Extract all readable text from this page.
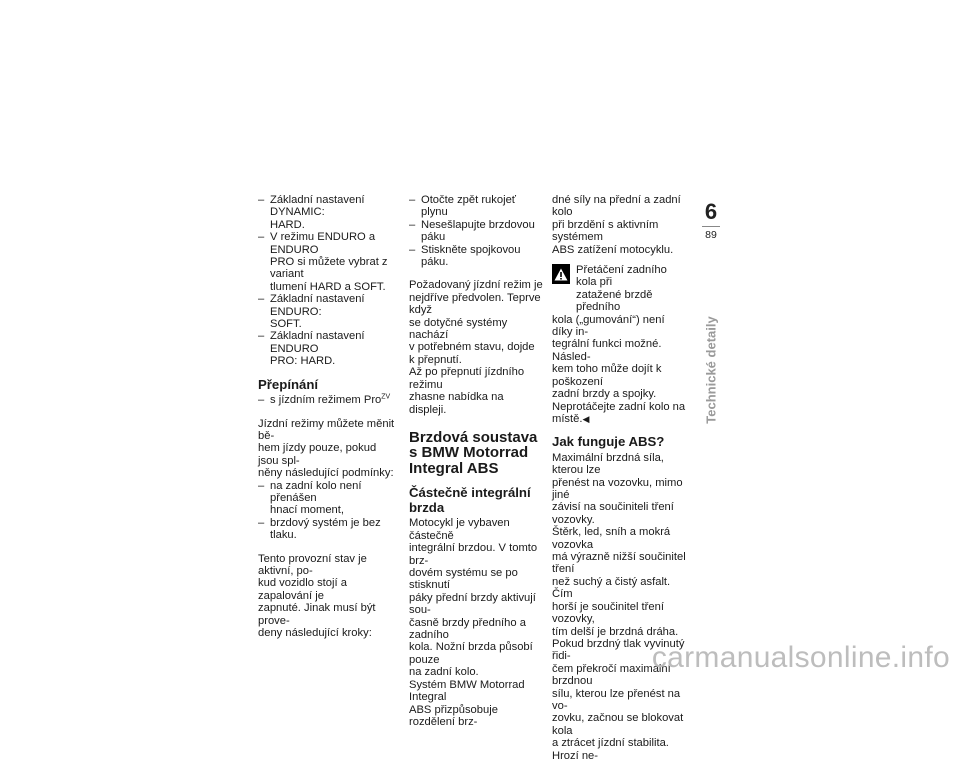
– Základní nastavení DYNAMIC:
HARD.
– V režimu ENDURO a ENDURO
PRO si můžete vybrat z variant
tlumení HARD a SOFT.
– Základní nastavení ENDURO:
SOFT.
– Základní nastavení ENDURO
PRO: HARD.
Přepínání
– s jízdním režimem Pro$^{ZV}$

Jízdní režimy můžete měnit bě-
hem jízdy pouze, pokud jsou spl-
něny následující podmínky:

– na zadní kolo není přenášen
hnací moment,
– brzdový systém je bez tlaku.

Tento provozní stav je aktivní, po-
kud vozidlo stojí a zapalování je
zapnuté. Jinak musí být prove-
deny následující kroky:

– Otočte zpět rukojeť plynu
– Nesešlapujte brzdovou páku
– Stiskněte spojkovou páku.

Požadovaný jízdní režim je
nejdříve předvolen. Teprve když
se dotyčné systémy nachází
v potřebném stavu, dojde
k přepnutí.
Až po přepnutí jízdního režimu
zhasne nabídka na displeji.

Brzdová soustava
s BMW Motorrad
Integral ABS
Částečně integrální brzda

Motocykl je vybaven částečně
integrální brzdou. V tomto brz-
dovém systému se po stisknutí
páky přední brzdy aktivují sou-
časně brzdy předního a zadního
kola. Nožní brzda působí pouze
na zadní kolo.
Systém BMW Motorrad Integral
ABS přizpůsobuje rozdělení brz-

dné síly na přední a zadní kolo
při brzdění s aktivním systémem
ABS zatížení motocyklu.

Přetáčení zadního kola při
zatažené brzdě předního

kola („gumování“) není díky in-
tegrální funkci možné. Násled-
kem toho může dojít k poškození
zadní brzdy a spojky.
Neprotáčejte zadní kolo na
místě.◀

Jak funguje ABS?

Maximální brzdná síla, kterou lze
přenést na vozovku, mimo jiné
závisí na součiniteli tření vozovky.
Štěrk, led, sníh a mokrá vozovka
má výrazně nižší součinitel tření
než suchý a čistý asfalt. Čím
horší je součinitel tření vozovky,
tím delší je brzdná dráha.
Pokud brzdný tlak vyvinutý řidi-
čem překročí maximální brzdnou
sílu, kterou lze přenést na vo-
zovku, začnou se blokovat kola
a ztrácet jízdní stabilita. Hrozí ne-

6
89
Technické detaily
carmanualsonline.info
